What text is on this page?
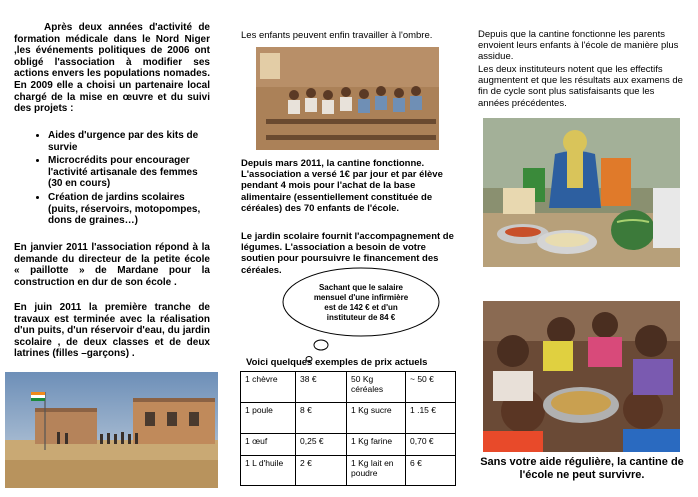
Après deux années d'activité de formation médicale dans le Nord Niger ,les événements politiques de 2006 ont obligé l'association à modifier ses actions envers les populations nomades. En 2009 elle a choisi un partenaire local chargé de la mise en œuvre et du suivi des projets :

• Aides d'urgence par des kits de survie
• Microcrédits pour encourager l'activité artisanale des femmes (30 en cours)
• Création de jardins scolaires (puits, réservoirs, motopompes, dons de graines…)

En janvier 2011 l'association répond à la demande du directeur de la petite école « paillotte » de Mardane pour la construction en dur de son école .

En juin 2011 la première tranche de travaux est terminée avec la réalisation d'un puits, d'un réservoir d'eau, du jardin scolaire , de deux classes et de deux latrines (filles –garçons) .

Les enfants peuvent enfin travailler à l'ombre.

Depuis mars 2011, la cantine fonctionne. L'association a versé 1€ par jour et par élève pendant 4 mois pour l'achat de la base alimentaire (essentiellement constituée de céréales) des 70 enfants de l'école.

Le jardin scolaire fournit l'accompagnement de légumes. L'association a besoin de votre soutien pour poursuivre le financement des céréales.

Sachant que le salaire
mensuel d'une infirmière
est de 142 € et d'un
instituteur de 84 €

Voici quelques exemples de prix actuels

1 chèvre	38 €	50 Kg céréales	~ 50 €
1 poule	8 €	1 Kg sucre	1 .15 €
1 œuf	0,25 €	1 Kg farine	0,70 €
1 L d'huile	2 €	1 Kg lait en poudre	6 €

Depuis que la cantine fonctionne les parents envoient leurs enfants à l'école de manière plus assidue.

Les deux instituteurs notent que les effectifs augmentent et que les résultats aux examens de fin de cycle sont plus satisfaisants que les années précédentes.

Sans votre aide régulière, la cantine de l'école ne peut survivre.
